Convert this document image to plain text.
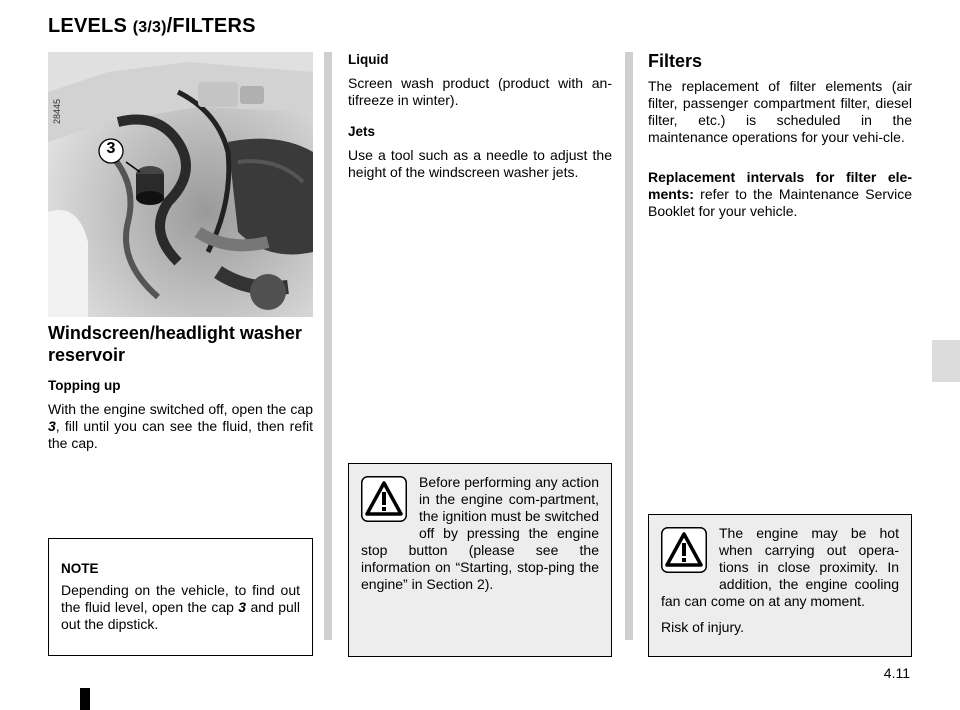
LEVELS (3/3)/FILTERS
28445
3
Windscreen/headlight washer reservoir
Topping up
With the engine switched off, open the cap 3, fill until you can see the fluid, then refit the cap.
NOTE
Depending on the vehicle, to find out the fluid level, open the cap 3 and pull out the dipstick.
Liquid
Screen wash product (product with an-tifreeze in winter).
Jets
Use a tool such as a needle to adjust the height of the windscreen washer jets.

Before performing any action in the engine com-partment, the ignition must be switched off by pressing the engine stop button (please see the information on “Starting, stop-ping the engine” in Section 2).

Filters
The replacement of filter elements (air filter, passenger compartment filter, diesel filter, etc.) is scheduled in the maintenance operations for your vehi-cle.
Replacement intervals for filter ele-ments: refer to the Maintenance Service Booklet for your vehicle.

The engine may be hot when carrying out opera-tions in close proximity. In addition, the engine cooling fan can come on at any moment.

Risk of injury.

4.11
